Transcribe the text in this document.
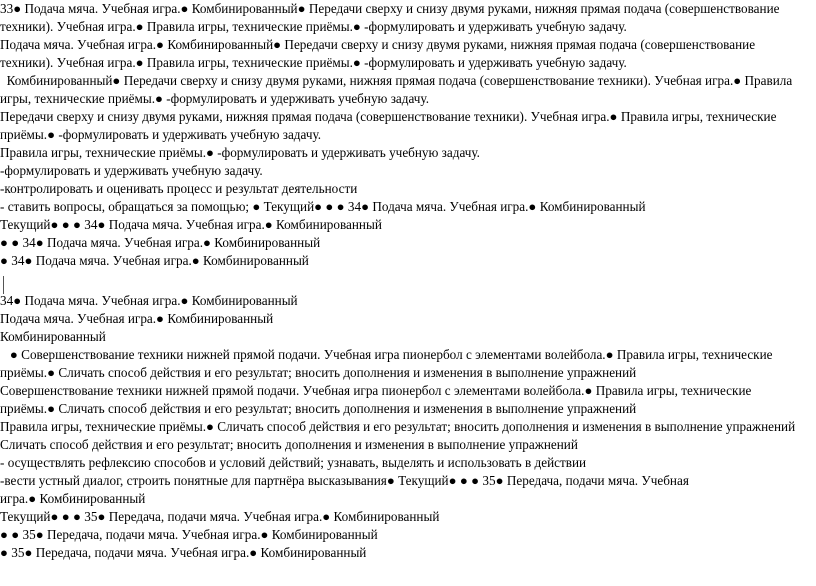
33● Подача мяча. Учебная игра.● Комбинированный● Передачи сверху и снизу двумя руками, нижняя прямая подача (совершенствование
техники). Учебная игра.● Правила игры, технические приёмы.● -формулировать и удерживать учебную задачу.
Подача мяча. Учебная игра.● Комбинированный● Передачи сверху и снизу двумя руками, нижняя прямая подача (совершенствование
техники). Учебная игра.● Правила игры, технические приёмы.● -формулировать и удерживать учебную задачу.
Комбинированный● Передачи сверху и снизу двумя руками, нижняя прямая подача (совершенствование техники). Учебная игра.● Правила
игры, технические приёмы.● -формулировать и удерживать учебную задачу.
Передачи сверху и снизу двумя руками, нижняя прямая подача (совершенствование техники). Учебная игра.● Правила игры, технические
приёмы.● -формулировать и удерживать учебную задачу.
Правила игры, технические приёмы.● -формулировать и удерживать учебную задачу.
-формулировать и удерживать учебную задачу.
-контролировать и оценивать процесс и результат деятельности
- ставить вопросы, обращаться за помощью; ● Текущий● ● ● 34● Подача мяча. Учебная игра.● Комбинированный
Текущий● ● ● 34● Подача мяча. Учебная игра.● Комбинированный
● ● 34● Подача мяча. Учебная игра.● Комбинированный
● 34● Подача мяча. Учебная игра.● Комбинированный
34● Подача мяча. Учебная игра.● Комбинированный
Подача мяча. Учебная игра.● Комбинированный
Комбинированный
● Совершенствование техники нижней прямой подачи. Учебная игра пионербол с элементами волейбола.● Правила игры, технические
приёмы.● Сличать способ действия и его результат; вносить дополнения и изменения в выполнение упражнений
Совершенствование техники нижней прямой подачи. Учебная игра пионербол с элементами волейбола.● Правила игры, технические
приёмы.● Сличать способ действия и его результат; вносить дополнения и изменения в выполнение упражнений
Правила игры, технические приёмы.● Сличать способ действия и его результат; вносить дополнения и изменения в выполнение упражнений
Сличать способ действия и его результат; вносить дополнения и изменения в выполнение упражнений
- осуществлять рефлексию способов и условий действий; узнавать, выделять и использовать в действии
-вести устный диалог, строить понятные для партнёра высказывания● Текущий● ● ● 35● Передача, подачи мяча. Учебная
игра.● Комбинированный
Текущий● ● ● 35● Передача, подачи мяча. Учебная игра.● Комбинированный
● ● 35● Передача, подачи мяча. Учебная игра.● Комбинированный
● 35● Передача, подачи мяча. Учебная игра.● Комбинированный
